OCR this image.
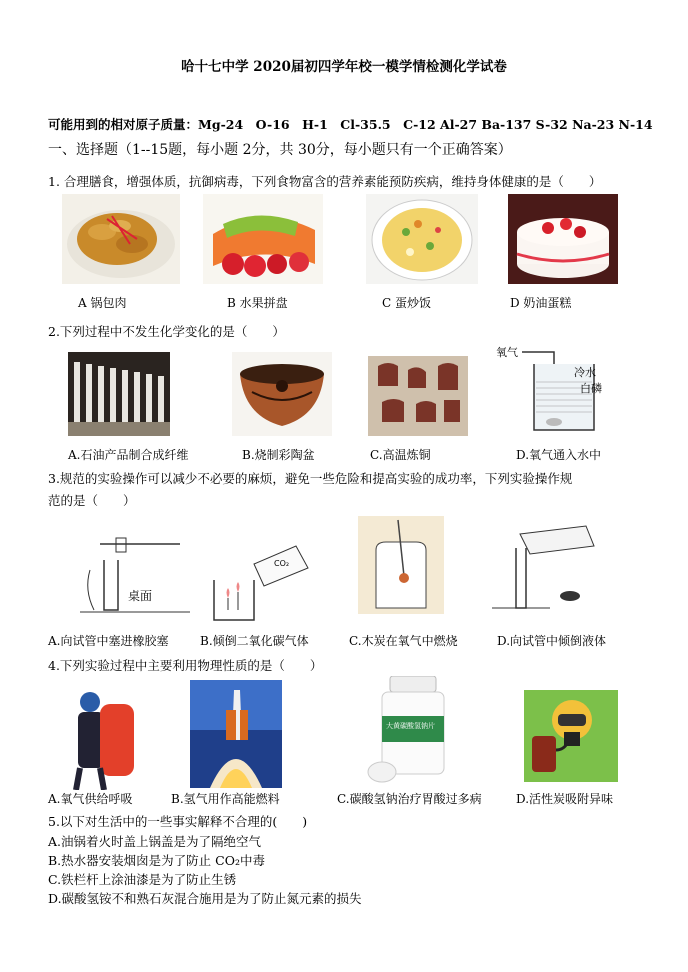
哈十七中学 2020届初四学年校一模学情检测化学试卷
可能用到的相对原子质量：Mg-24　O-16　H-1　Cl-35.5　C-12 Al-27 Ba-137 S-32 Na-23 N-14
一、选择题（1--15题，每小题 2分，共 30分，每小题只有一个正确答案）
1. 合理膳食，增强体质，抗御病毒，下列食物富含的营养素能预防疾病，维持身体健康的是（　　）
A 锅包肉	B 水果拼盘	C 蛋炒饭	D 奶油蛋糕
2.下列过程中不发生化学变化的是（　　）
氧气
冷水
白磷
A.石油产品制合成纤维	B.烧制彩陶盆	C.高温炼铜	D.氧气通入水中
3.规范的实验操作可以减少不必要的麻烦，避免一些危险和提高实验的成功率，下列实验操作规
范的是（　　）
桌面
CO₂
A.向试管中塞进橡胶塞	B.倾倒二氧化碳气体	C.木炭在氧气中燃烧	D.向试管中倾倒液体
4.下列实验过程中主要利用物理性质的是（　　）
大黄碳酸氢钠片
A.氧气供给呼吸	B.氢气用作高能燃料	C.碳酸氢钠治疗胃酸过多病	D.活性炭吸附异味
5.以下对生活中的一些事实解释不合理的(　　)
A.油锅着火时盖上锅盖是为了隔绝空气
B.热水器安装烟囱是为了防止 CO₂中毒
C.铁栏杆上涂油漆是为了防止生锈
D.碳酸氢铵不和熟石灰混合施用是为了防止氮元素的损失
